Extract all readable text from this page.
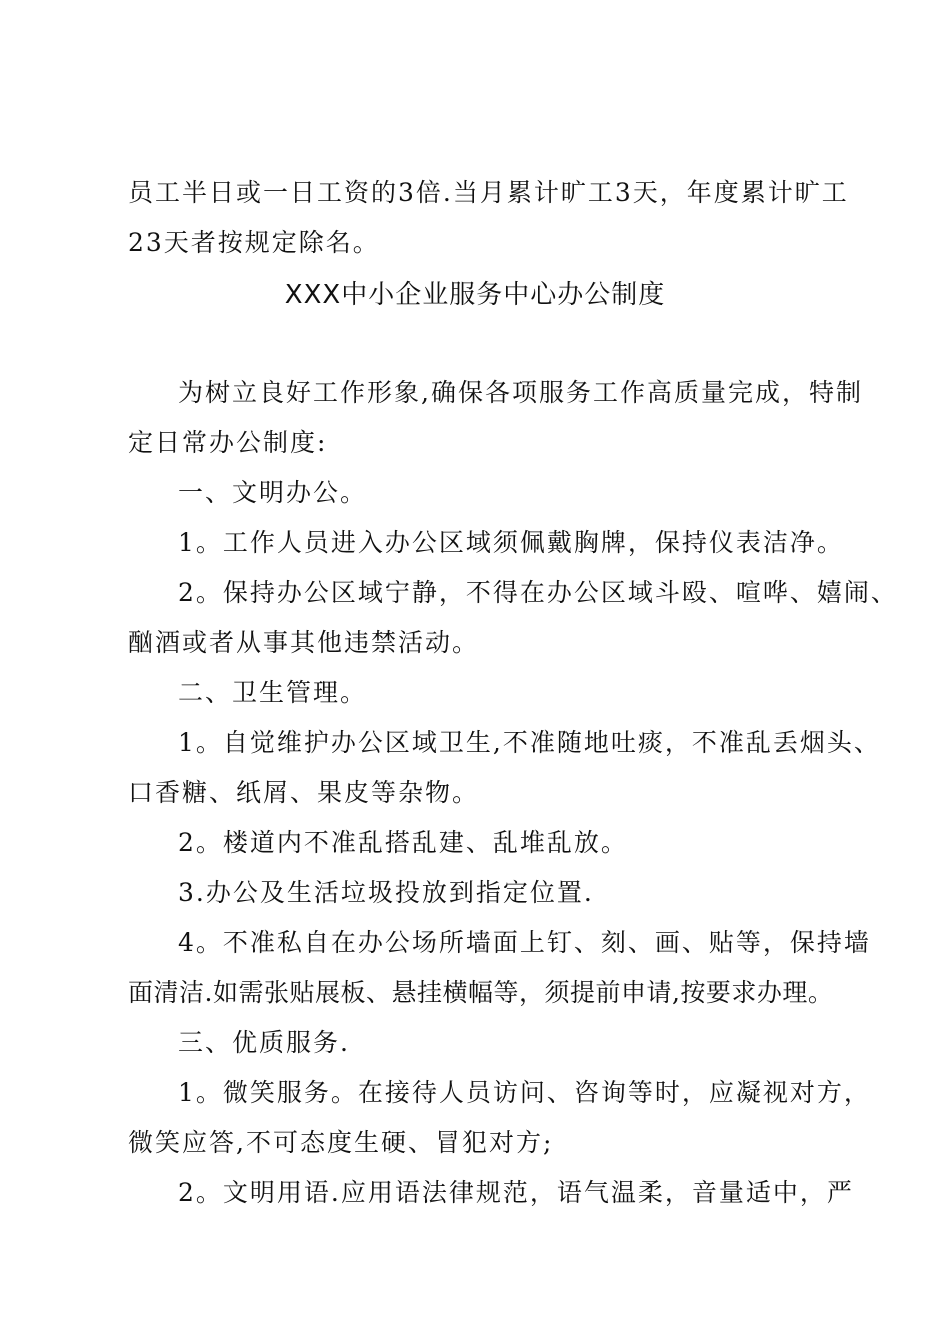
员工半日或一日工资的3倍.当月累计旷工3天，年度累计旷工
23天者按规定除名。
XXX中小企业服务中心办公制度
为树立良好工作形象,确保各项服务工作高质量完成，特制
定日常办公制度:
一、文明办公。
1。工作人员进入办公区域须佩戴胸牌，保持仪表洁净。
2。保持办公区域宁静，不得在办公区域斗殴、喧哗、嬉闹、
酗酒或者从事其他违禁活动。
二、卫生管理。
1。自觉维护办公区域卫生,不准随地吐痰，不准乱丢烟头、
口香糖、纸屑、果皮等杂物。
2。楼道内不准乱搭乱建、乱堆乱放。
3.办公及生活垃圾投放到指定位置.
4。不准私自在办公场所墙面上钉、刻、画、贴等，保持墙
面清洁.如需张贴展板、悬挂横幅等，须提前申请,按要求办理。
三、优质服务.
1。微笑服务。在接待人员访问、咨询等时，应凝视对方，
微笑应答,不可态度生硬、冒犯对方;
2。文明用语.应用语法律规范，语气温柔，音量适中，严
